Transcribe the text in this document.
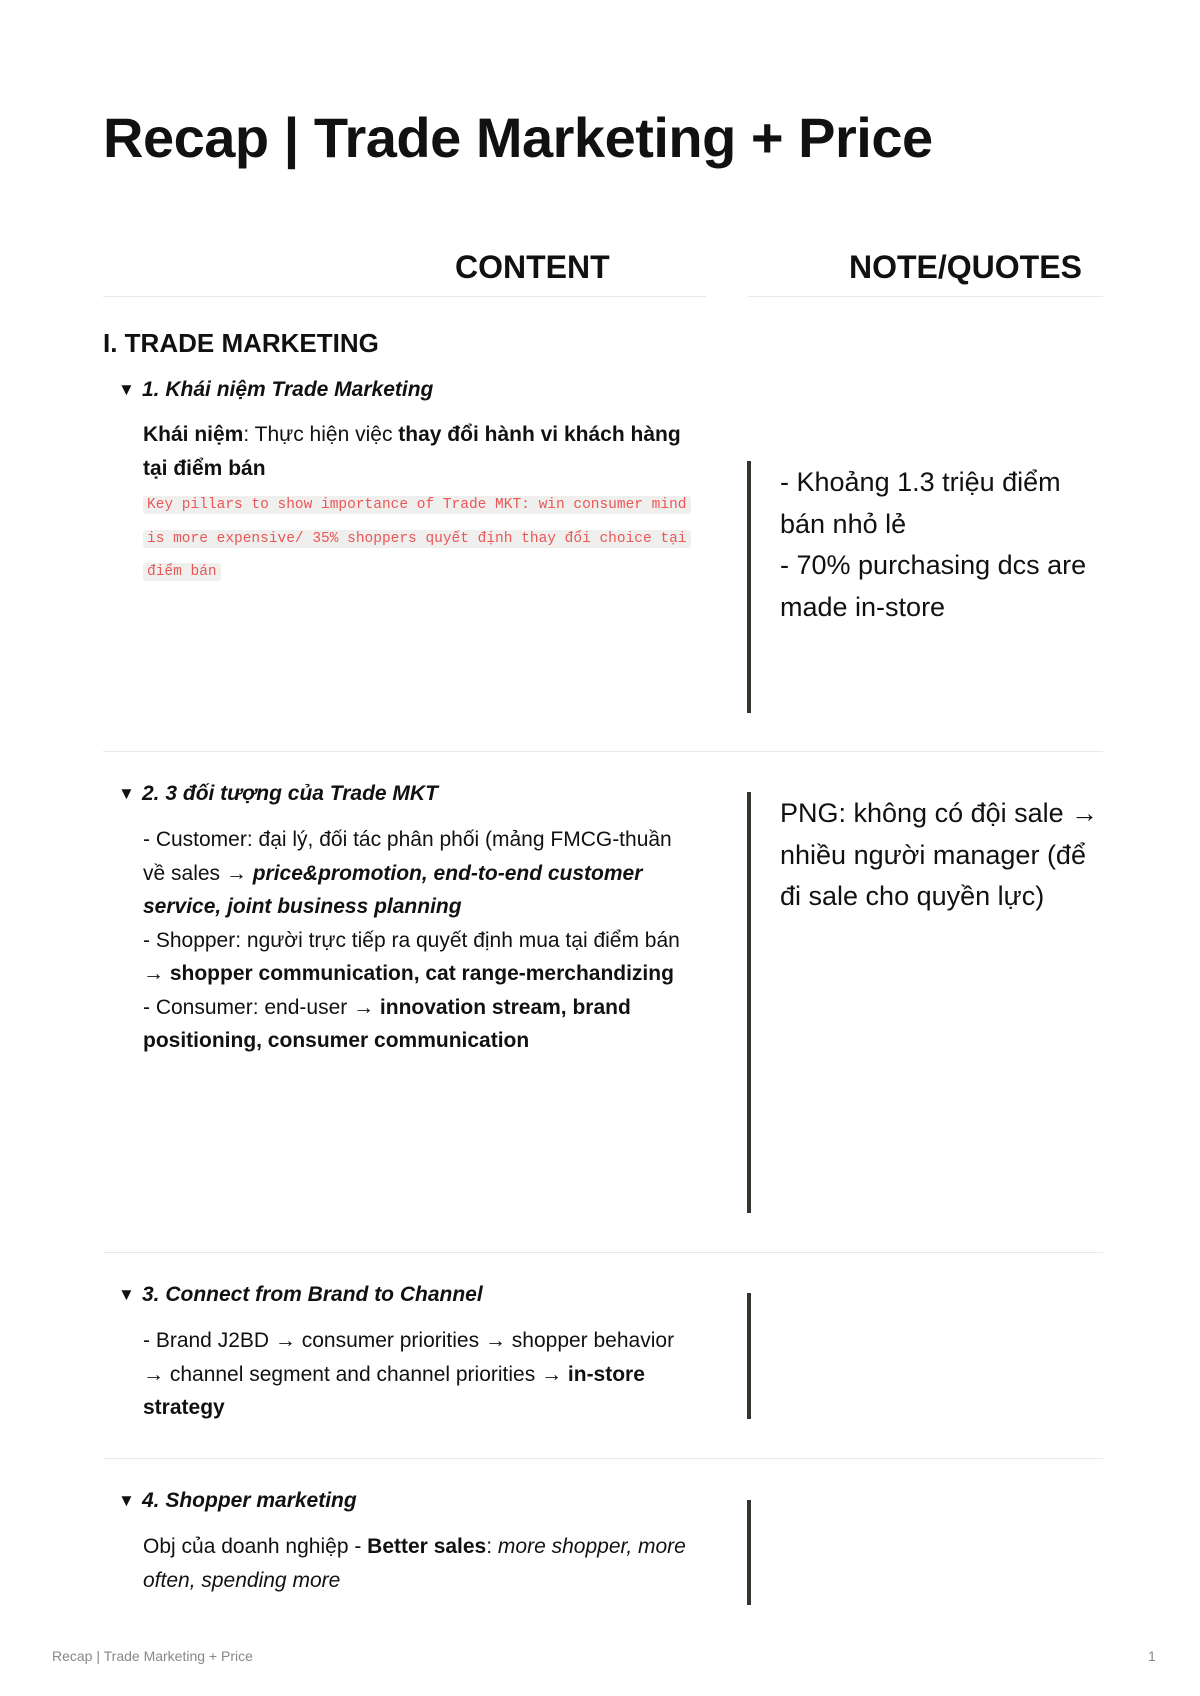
Recap | Trade Marketing + Price
CONTENT	NOTE/QUOTES
I. TRADE MARKETING
▼ 1. Khái niệm Trade Marketing
Khái niệm: Thực hiện việc thay đổi hành vi khách hàng tại điểm bán
Key pillars to show importance of Trade MKT: win consumer mind is more expensive/ 35% shoppers quyết định thay đổi choice tại điểm bán
- Khoảng 1.3 triệu điểm bán nhỏ lẻ
- 70% purchasing dcs are made in-store
▼ 2. 3 đối tượng của Trade MKT
- Customer: đại lý, đối tác phân phối (mảng FMCG-thuần về sales → price&promotion, end-to-end customer service, joint business planning
- Shopper: người trực tiếp ra quyết định mua tại điểm bán → shopper communication, cat range-merchandizing
- Consumer: end-user → innovation stream, brand positioning, consumer communication
PNG: không có đội sale → nhiều người manager (để đi sale cho quyền lực)
▼ 3. Connect from Brand to Channel
- Brand J2BD → consumer priorities → shopper behavior → channel segment and channel priorities → in-store strategy
▼ 4. Shopper marketing
Obj của doanh nghiệp - Better sales: more shopper, more often, spending more
Recap | Trade Marketing + Price	1
